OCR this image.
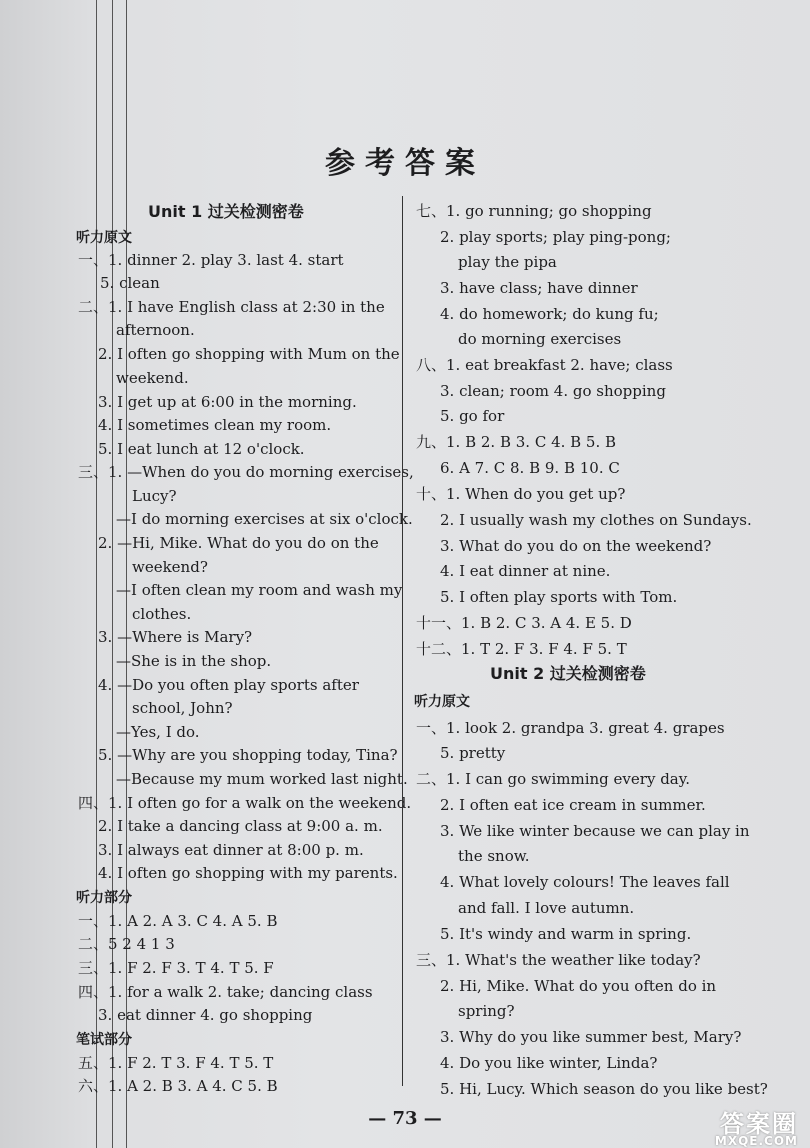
参考答案
Unit 1 过关检测密卷
听力原文
一、1. dinner 2. play 3. last 4. start
5. clean
二、1. I have English class at 2:30 in the
afternoon.
2. I often go shopping with Mum on the
weekend.
3. I get up at 6:00 in the morning.
4. I sometimes clean my room.
5. I eat lunch at 12 o'clock.
三、1. —When do you do morning exercises,
Lucy?
—I do morning exercises at six o'clock.
2. —Hi, Mike. What do you do on the
weekend?
—I often clean my room and wash my
clothes.
3. —Where is Mary?
—She is in the shop.
4. —Do you often play sports after
school, John?
—Yes, I do.
5. —Why are you shopping today, Tina?
—Because my mum worked last night.
四、1. I often go for a walk on the weekend.
2. I take a dancing class at 9:00 a. m.
3. I always eat dinner at 8:00 p. m.
4. I often go shopping with my parents.
听力部分
一、1. A 2. A 3. C 4. A 5. B
二、5 2 4 1 3
三、1. F 2. F 3. T 4. T 5. F
四、1. for a walk 2. take; dancing class
3. eat dinner 4. go shopping
笔试部分
五、1. F 2. T 3. F 4. T 5. T
六、1. A 2. B 3. A 4. C 5. B
七、1. go running; go shopping
2. play sports; play ping-pong;
play the pipa
3. have class; have dinner
4. do homework; do kung fu;
do morning exercises
八、1. eat breakfast 2. have; class
3. clean; room 4. go shopping
5. go for
九、1. B 2. B 3. C 4. B 5. B
6. A 7. C 8. B 9. B 10. C
十、1. When do you get up?
2. I usually wash my clothes on Sundays.
3. What do you do on the weekend?
4. I eat dinner at nine.
5. I often play sports with Tom.
十一、1. B 2. C 3. A 4. E 5. D
十二、1. T 2. F 3. F 4. F 5. T
Unit 2 过关检测密卷
听力原文
一、1. look 2. grandpa 3. great 4. grapes
5. pretty
二、1. I can go swimming every day.
2. I often eat ice cream in summer.
3. We like winter because we can play in
the snow.
4. What lovely colours! The leaves fall
and fall. I love autumn.
5. It's windy and warm in spring.
三、1. What's the weather like today?
2. Hi, Mike. What do you often do in
spring?
3. Why do you like summer best, Mary?
4. Do you like winter, Linda?
5. Hi, Lucy. Which season do you like best?
— 73 —	答案圈
MXQE.COM
